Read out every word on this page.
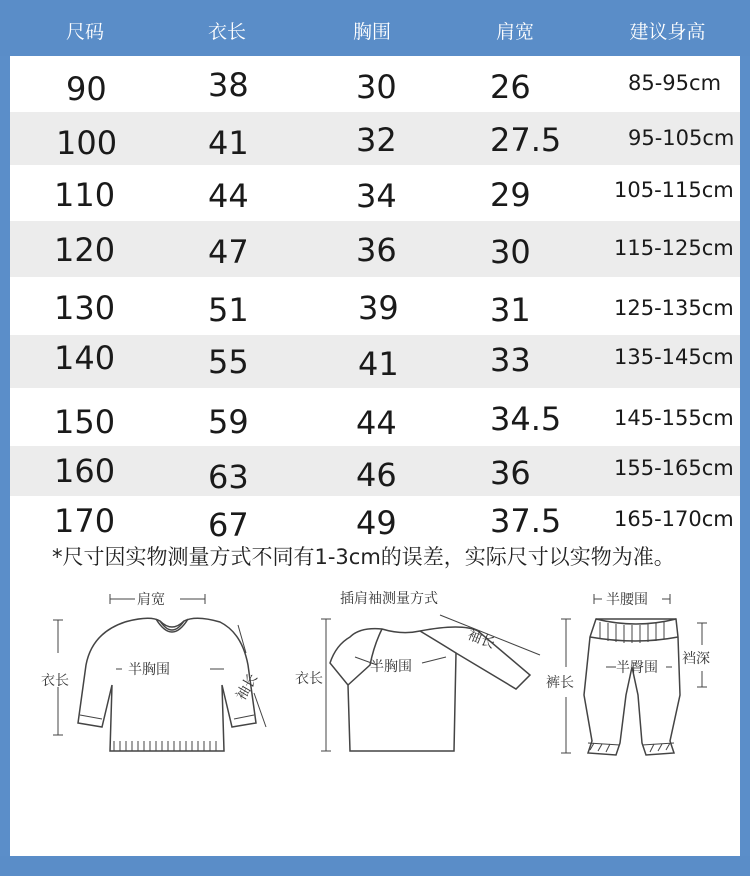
尺码	衣长	胸围	肩宽	建议身高
90	38	30	26	85-95cm
100	41	32	27.5	95-105cm
110	44	34	29	105-115cm
120	47	36	30	115-125cm
130	51	39	31	125-135cm
140	55	41	33	135-145cm
150	59	44	34.5	145-155cm
160	63	46	36	155-165cm
170	67	49	37.5	165-170cm
*尺寸因实物测量方式不同有1-3cm的误差，实际尺寸以实物为准。
肩宽
衣长
半胸围
袖长
插肩袖测量方式
袖长
衣长
半胸围
半腰围
半臀围
裤长
裆深
